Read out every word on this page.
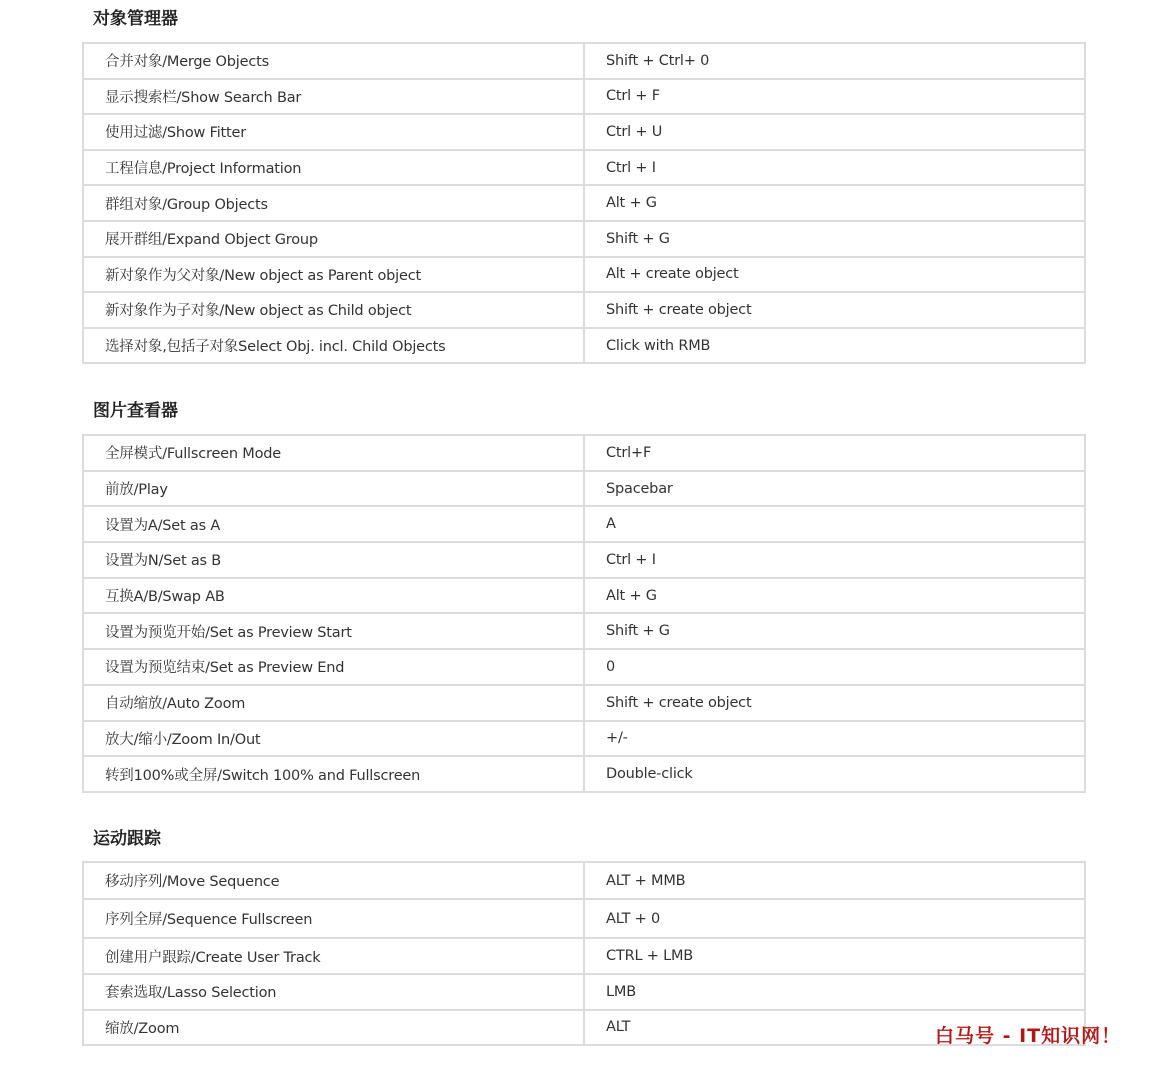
对象管理器
合并对象/Merge Objects	Shift + Ctrl+ 0
显示搜索栏/Show Search Bar	Ctrl + F
使用过滤/Show Fitter	Ctrl + U
工程信息/Project Information	Ctrl + I
群组对象/Group Objects	Alt + G
展开群组/Expand Object Group	Shift + G
新对象作为父对象/New object as Parent object	Alt + create object
新对象作为子对象/New object as Child object	Shift + create object
选择对象,包括子对象Select Obj. incl. Child Objects	Click with RMB
图片查看器
全屏模式/Fullscreen Mode	Ctrl+F
前放/Play	Spacebar
设置为A/Set as A	A
设置为N/Set as B	Ctrl + I
互换A/B/Swap AB	Alt + G
设置为预览开始/Set as Preview Start	Shift + G
设置为预览结束/Set as Preview End	0
自动缩放/Auto Zoom	Shift + create object
放大/缩小/Zoom In/Out	+/-
转到100%或全屏/Switch 100% and Fullscreen	Double-click
运动跟踪
移动序列/Move Sequence	ALT + MMB
序列全屏/Sequence Fullscreen	ALT + 0
创建用户跟踪/Create User Track	CTRL + LMB
套索选取/Lasso Selection	LMB
缩放/Zoom	ALT	白马号 - IT知识网！
